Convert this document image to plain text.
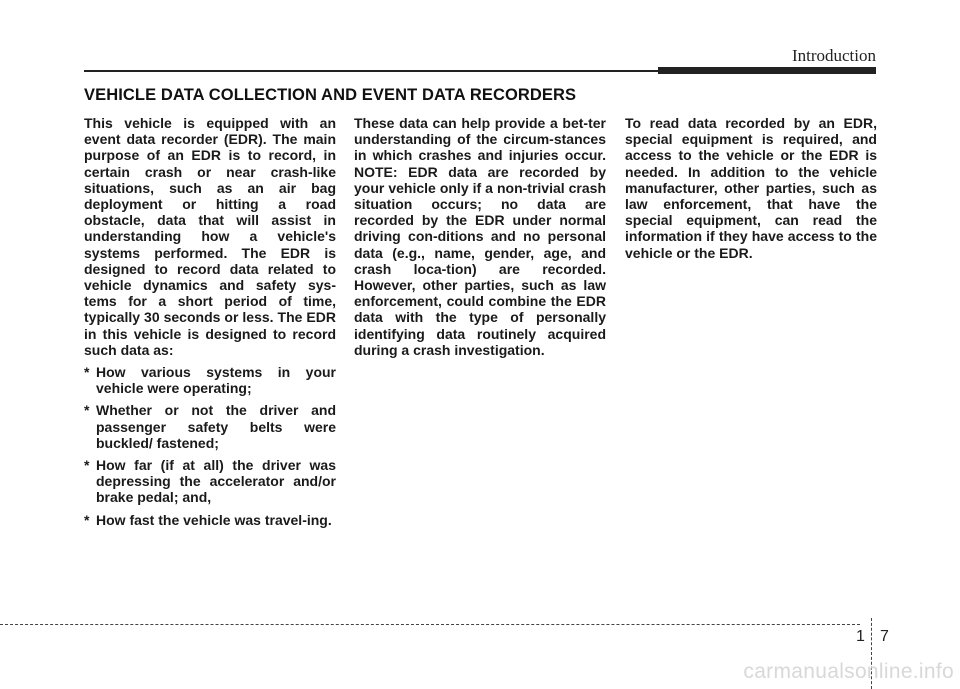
Introduction
VEHICLE DATA COLLECTION AND EVENT DATA RECORDERS

This vehicle is equipped with an event data recorder (EDR). The main purpose of an EDR is to record, in certain crash or near crash-like situations, such as an air bag deployment or hitting a road obstacle, data that will assist in understanding how a vehicle's systems performed. The EDR is designed to record data related to vehicle dynamics and safety sys-tems for a short period of time, typically 30 seconds or less. The EDR in this vehicle is designed to record such data as:

* How various systems in your vehicle were operating;
* Whether or not the driver and passenger safety belts were buckled/ fastened;
* How far (if at all) the driver was depressing the accelerator and/or brake pedal; and,
* How fast the vehicle was travel-ing.

These data can help provide a bet-ter understanding of the circum-stances in which crashes and injuries occur. NOTE: EDR data are recorded by your vehicle only if a non-trivial crash situation occurs; no data are recorded by the EDR under normal driving con-ditions and no personal data (e.g., name, gender, age, and crash loca-tion) are recorded. However, other parties, such as law enforcement, could combine the EDR data with the type of personally identifying data routinely acquired during a crash investigation.

To read data recorded by an EDR, special equipment is required, and access to the vehicle or the EDR is needed. In addition to the vehicle manufacturer, other parties, such as law enforcement, that have the special equipment, can read the information if they have access to the vehicle or the EDR.

1 7
carmanualsonline.info
